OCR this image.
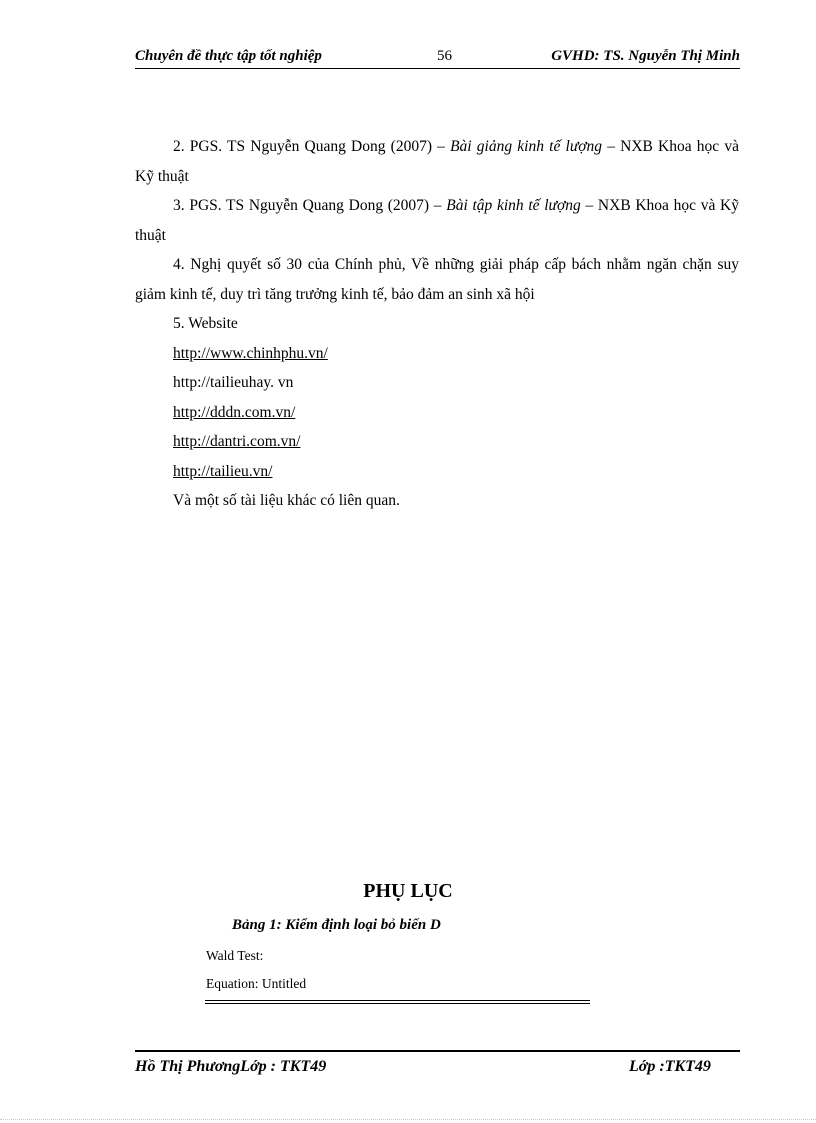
Chuyên đề thực tập tốt nghiệp	56	GVHD: TS. Nguyễn Thị Minh

2. PGS. TS Nguyễn Quang Dong (2007) – Bài giảng kinh tế lượng – NXB Khoa học và Kỹ thuật

3. PGS. TS Nguyễn Quang Dong (2007) – Bài tập kinh tế lượng – NXB Khoa học và Kỹ thuật

4. Nghị quyết số 30 của Chính phủ, Về những giải pháp cấp bách nhằm ngăn chặn suy giảm kinh tế, duy trì tăng trưởng kinh tế, bảo đảm an sinh xã hội

5. Website

http://www.chinhphu.vn/

http://tailieuhay. vn

http://dddn.com.vn/

http://dantri.com.vn/

http://tailieu.vn/

Và một số tài liệu khác có liên quan.

PHỤ LỤC
Bảng 1: Kiểm định loại bỏ biến D
Wald Test:
Equation: Untitled
Hồ Thị PhươngLớp : TKT49	Lớp :TKT49
